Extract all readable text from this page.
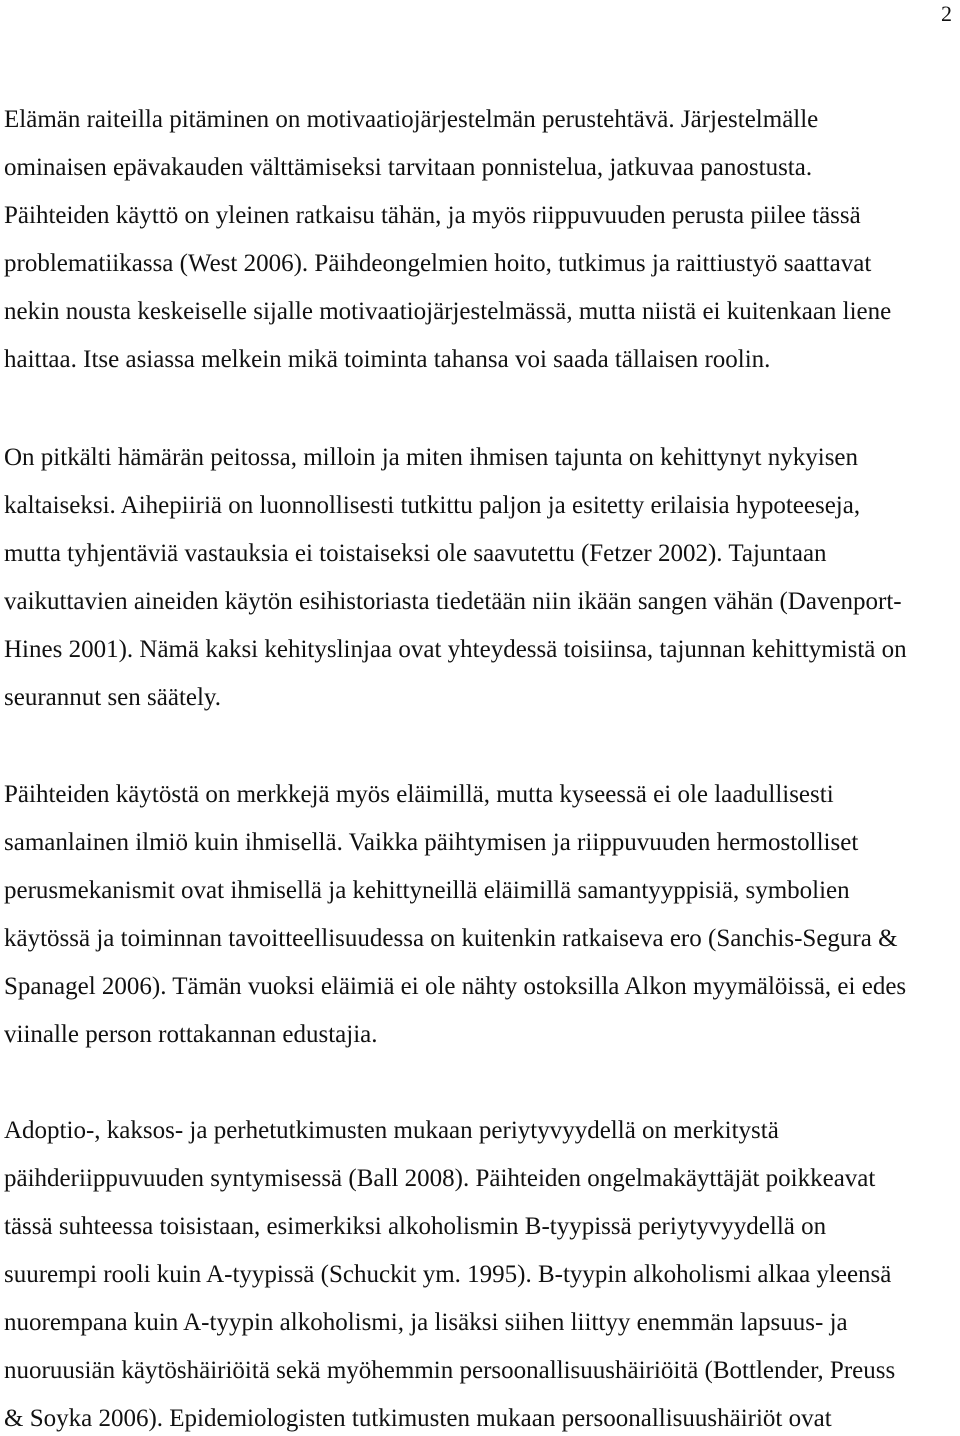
2
Elämän raiteilla pitäminen on motivaatiojärjestelmän perustehtävä. Järjestelmälle
ominaisen epävakauden välttämiseksi tarvitaan ponnistelua, jatkuvaa panostusta.
Päihteiden käyttö on yleinen ratkaisu tähän, ja myös riippuvuuden perusta piilee tässä
problematiikassa (West 2006). Päihdeongelmien hoito, tutkimus ja raittiustyö saattavat
nekin nousta keskeiselle sijalle motivaatiojärjestelmässä, mutta niistä ei kuitenkaan liene
haittaa. Itse asiassa melkein mikä toiminta tahansa voi saada tällaisen roolin.
On pitkälti hämärän peitossa, milloin ja miten ihmisen tajunta on kehittynyt nykyisen
kaltaiseksi. Aihepiiriä on luonnollisesti tutkittu paljon ja esitetty erilaisia hypoteeseja,
mutta tyhjentäviä vastauksia ei toistaiseksi ole saavutettu (Fetzer 2002). Tajuntaan
vaikuttavien aineiden käytön esihistoriasta tiedetään niin ikään sangen vähän (Davenport-
Hines 2001). Nämä kaksi kehityslinjaa ovat yhteydessä toisiinsa, tajunnan kehittymistä on
seurannut sen säätely.
Päihteiden käytöstä on merkkejä myös eläimillä, mutta kyseessä ei ole laadullisesti
samanlainen ilmiö kuin ihmisellä. Vaikka päihtymisen ja riippuvuuden hermostolliset
perusmekanismit ovat ihmisellä ja kehittyneillä eläimillä samantyyppisiä, symbolien
käytössä ja toiminnan tavoitteellisuudessa on kuitenkin ratkaiseva ero (Sanchis-Segura &
Spanagel 2006). Tämän vuoksi eläimiä ei ole nähty ostoksilla Alkon myymälöissä, ei edes
viinalle person rottakannan edustajia.
Adoptio-, kaksos- ja perhetutkimusten mukaan periytyvyydellä on merkitystä
päihderiippuvuuden syntymisessä (Ball 2008). Päihteiden ongelmakäyttäjät poikkeavat
tässä suhteessa toisistaan, esimerkiksi alkoholismin B-tyypissä periytyvyydellä on
suurempi rooli kuin A-tyypissä (Schuckit ym. 1995). B-tyypin alkoholismi alkaa yleensä
nuorempana kuin A-tyypin alkoholismi, ja lisäksi siihen liittyy enemmän lapsuus- ja
nuoruusiän käytöshäiriöitä sekä myöhemmin persoonallisuushäiriöitä (Bottlender, Preuss
& Soyka 2006). Epidemiologisten tutkimusten mukaan persoonallisuushäiriöt ovat
